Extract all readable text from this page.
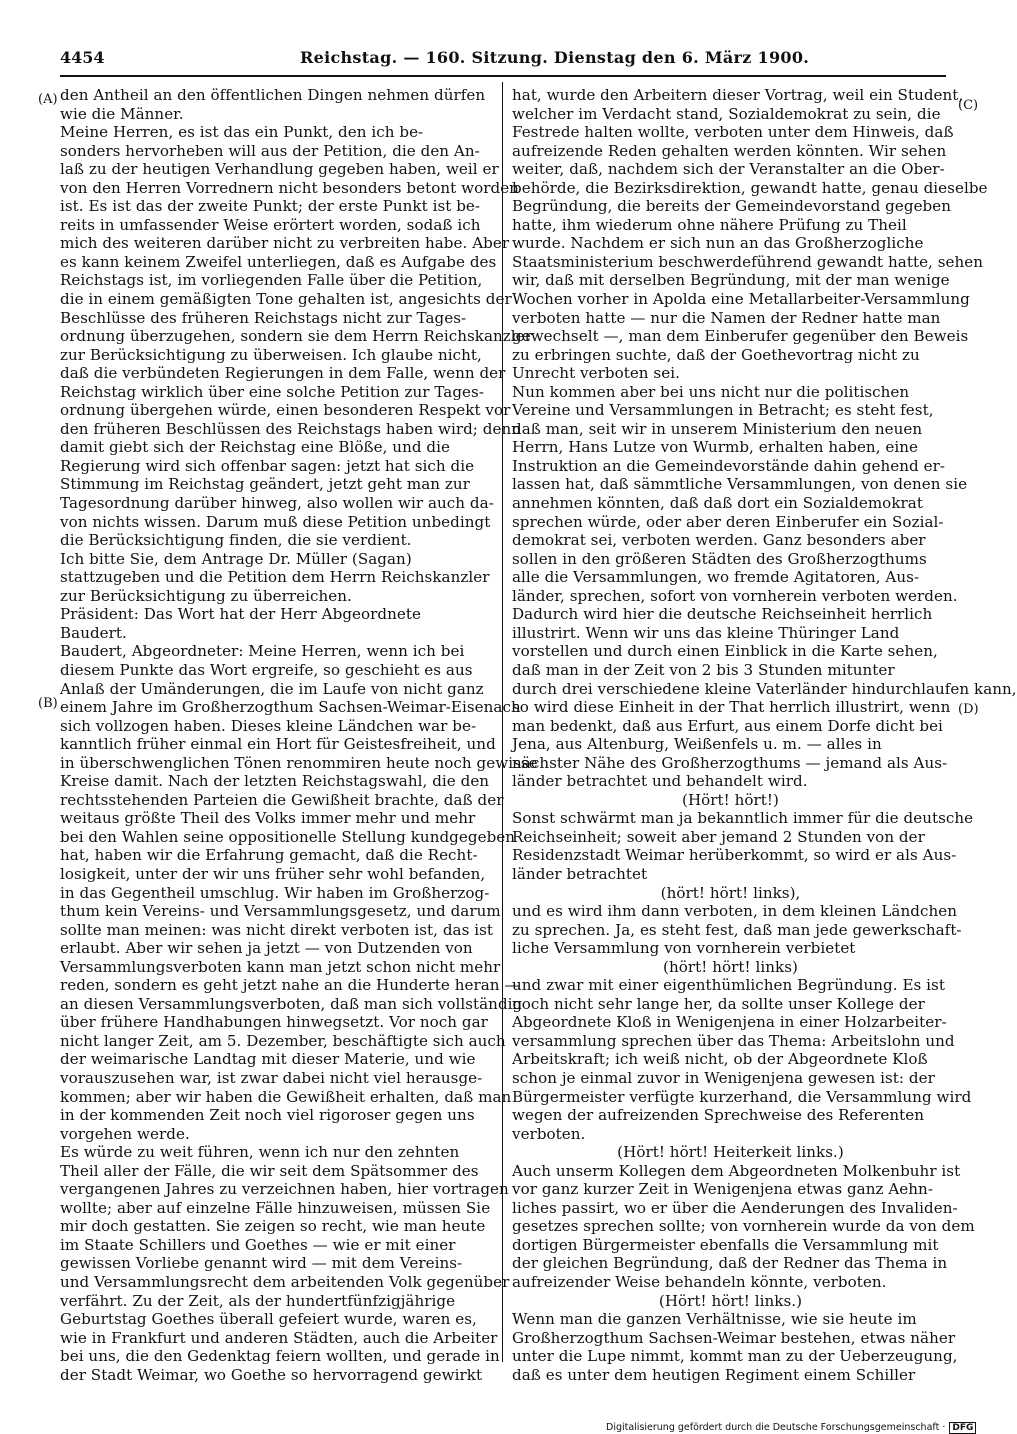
4454	Reichstag. — 160. Sitzung. Dienstag den 6. März 1900.
(A)
(B)
(C)
(D)
den Antheil an den öffentlichen Dingen nehmen dürfen
wie die Männer.
Meine Herren, es ist das ein Punkt, den ich be-
sonders hervorheben will aus der Petition, die den An-
laß zu der heutigen Verhandlung gegeben haben, weil er
von den Herren Vorrednern nicht besonders betont worden
ist. Es ist das der zweite Punkt; der erste Punkt ist be-
reits in umfassender Weise erörtert worden, sodaß ich
mich des weiteren darüber nicht zu verbreiten habe. Aber
es kann keinem Zweifel unterliegen, daß es Aufgabe des
Reichstags ist, im vorliegenden Falle über die Petition,
die in einem gemäßigten Tone gehalten ist, angesichts der
Beschlüsse des früheren Reichstags nicht zur Tages-
ordnung überzugehen, sondern sie dem Herrn Reichskanzler
zur Berücksichtigung zu überweisen. Ich glaube nicht,
daß die verbündeten Regierungen in dem Falle, wenn der
Reichstag wirklich über eine solche Petition zur Tages-
ordnung übergehen würde, einen besonderen Respekt vor
den früheren Beschlüssen des Reichstags haben wird; denn
damit giebt sich der Reichstag eine Blöße, und die
Regierung wird sich offenbar sagen: jetzt hat sich die
Stimmung im Reichstag geändert, jetzt geht man zur
Tagesordnung darüber hinweg, also wollen wir auch da-
von nichts wissen. Darum muß diese Petition unbedingt
die Berücksichtigung finden, die sie verdient.
Ich bitte Sie, dem Antrage Dr. Müller (Sagan)
stattzugeben und die Petition dem Herrn Reichskanzler
zur Berücksichtigung zu überreichen.
Präsident: Das Wort hat der Herr Abgeordnete
Baudert.
Baudert, Abgeordneter: Meine Herren, wenn ich bei
diesem Punkte das Wort ergreife, so geschieht es aus
Anlaß der Umänderungen, die im Laufe von nicht ganz
einem Jahre im Großherzogthum Sachsen-Weimar-Eisenach
sich vollzogen haben. Dieses kleine Ländchen war be-
kanntlich früher einmal ein Hort für Geistesfreiheit, und
in überschwenglichen Tönen renommiren heute noch gewisse
Kreise damit. Nach der letzten Reichstagswahl, die den
rechtsstehenden Parteien die Gewißheit brachte, daß der
weitaus größte Theil des Volks immer mehr und mehr
bei den Wahlen seine oppositionelle Stellung kundgegeben
hat, haben wir die Erfahrung gemacht, daß die Recht-
losigkeit, unter der wir uns früher sehr wohl befanden,
in das Gegentheil umschlug. Wir haben im Großherzog-
thum kein Vereins- und Versammlungsgesetz, und darum
sollte man meinen: was nicht direkt verboten ist, das ist
erlaubt. Aber wir sehen ja jetzt — von Dutzenden von
Versammlungsverboten kann man jetzt schon nicht mehr
reden, sondern es geht jetzt nahe an die Hunderte heran —
an diesen Versammlungsverboten, daß man sich vollständig
über frühere Handhabungen hinwegsetzt. Vor noch gar
nicht langer Zeit, am 5. Dezember, beschäftigte sich auch
der weimarische Landtag mit dieser Materie, und wie
vorauszusehen war, ist zwar dabei nicht viel herausge-
kommen; aber wir haben die Gewißheit erhalten, daß man
in der kommenden Zeit noch viel rigoroser gegen uns
vorgehen werde.
Es würde zu weit führen, wenn ich nur den zehnten
Theil aller der Fälle, die wir seit dem Spätsommer des
vergangenen Jahres zu verzeichnen haben, hier vortragen
wollte; aber auf einzelne Fälle hinzuweisen, müssen Sie
mir doch gestatten. Sie zeigen so recht, wie man heute
im Staate Schillers und Goethes — wie er mit einer
gewissen Vorliebe genannt wird — mit dem Vereins-
und Versammlungsrecht dem arbeitenden Volk gegenüber
verfährt. Zu der Zeit, als der hundertfünfzigjährige
Geburtstag Goethes überall gefeiert wurde, waren es,
wie in Frankfurt und anderen Städten, auch die Arbeiter
bei uns, die den Gedenktag feiern wollten, und gerade in
der Stadt Weimar, wo Goethe so hervorragend gewirkt
hat, wurde den Arbeitern dieser Vortrag, weil ein Student,
welcher im Verdacht stand, Sozialdemokrat zu sein, die
Festrede halten wollte, verboten unter dem Hinweis, daß
aufreizende Reden gehalten werden könnten. Wir sehen
weiter, daß, nachdem sich der Veranstalter an die Ober-
behörde, die Bezirksdirektion, gewandt hatte, genau dieselbe
Begründung, die bereits der Gemeindevorstand gegeben
hatte, ihm wiederum ohne nähere Prüfung zu Theil
wurde. Nachdem er sich nun an das Großherzogliche
Staatsministerium beschwerdeführend gewandt hatte, sehen
wir, daß mit derselben Begründung, mit der man wenige
Wochen vorher in Apolda eine Metallarbeiter-Versammlung
verboten hatte — nur die Namen der Redner hatte man
gewechselt —, man dem Einberufer gegenüber den Beweis
zu erbringen suchte, daß der Goethevortrag nicht zu
Unrecht verboten sei.
Nun kommen aber bei uns nicht nur die politischen
Vereine und Versammlungen in Betracht; es steht fest,
daß man, seit wir in unserem Ministerium den neuen
Herrn, Hans Lutze von Wurmb, erhalten haben, eine
Instruktion an die Gemeindevorstände dahin gehend er-
lassen hat, daß sämmtliche Versammlungen, von denen sie
annehmen könnten, daß daß dort ein Sozialdemokrat
sprechen würde, oder aber deren Einberufer ein Sozial-
demokrat sei, verboten werden. Ganz besonders aber
sollen in den größeren Städten des Großherzogthums
alle die Versammlungen, wo fremde Agitatoren, Aus-
länder, sprechen, sofort von vornherein verboten werden.
Dadurch wird hier die deutsche Reichseinheit herrlich
illustrirt. Wenn wir uns das kleine Thüringer Land
vorstellen und durch einen Einblick in die Karte sehen,
daß man in der Zeit von 2 bis 3 Stunden mitunter
durch drei verschiedene kleine Vaterländer hindurchlaufen kann,
so wird diese Einheit in der That herrlich illustrirt, wenn
man bedenkt, daß aus Erfurt, aus einem Dorfe dicht bei
Jena, aus Altenburg, Weißenfels u. m. — alles in
nächster Nähe des Großherzogthums — jemand als Aus-
länder betrachtet und behandelt wird.
(Hört! hört!)
Sonst schwärmt man ja bekanntlich immer für die deutsche
Reichseinheit; soweit aber jemand 2 Stunden von der
Residenzstadt Weimar herüberkommt, so wird er als Aus-
länder betrachtet
(hört! hört! links),
und es wird ihm dann verboten, in dem kleinen Ländchen
zu sprechen. Ja, es steht fest, daß man jede gewerkschaft-
liche Versammlung von vornherein verbietet
(hört! hört! links)
und zwar mit einer eigenthümlichen Begründung. Es ist
noch nicht sehr lange her, da sollte unser Kollege der
Abgeordnete Kloß in Wenigenjena in einer Holzarbeiter-
versammlung sprechen über das Thema: Arbeitslohn und
Arbeitskraft; ich weiß nicht, ob der Abgeordnete Kloß
schon je einmal zuvor in Wenigenjena gewesen ist: der
Bürgermeister verfügte kurzerhand, die Versammlung wird
wegen der aufreizenden Sprechweise des Referenten
verboten.
(Hört! hört! Heiterkeit links.)
Auch unserm Kollegen dem Abgeordneten Molkenbuhr ist
vor ganz kurzer Zeit in Wenigenjena etwas ganz Aehn-
liches passirt, wo er über die Aenderungen des Invaliden-
gesetzes sprechen sollte; von vornherein wurde da von dem
dortigen Bürgermeister ebenfalls die Versammlung mit
der gleichen Begründung, daß der Redner das Thema in
aufreizender Weise behandeln könnte, verboten.
(Hört! hört! links.)
Wenn man die ganzen Verhältnisse, wie sie heute im
Großherzogthum Sachsen-Weimar bestehen, etwas näher
unter die Lupe nimmt, kommt man zu der Ueberzeugung,
daß es unter dem heutigen Regiment einem Schiller
Digitalisierung gefördert durch die Deutsche Forschungsgemeinschaft · DFG
